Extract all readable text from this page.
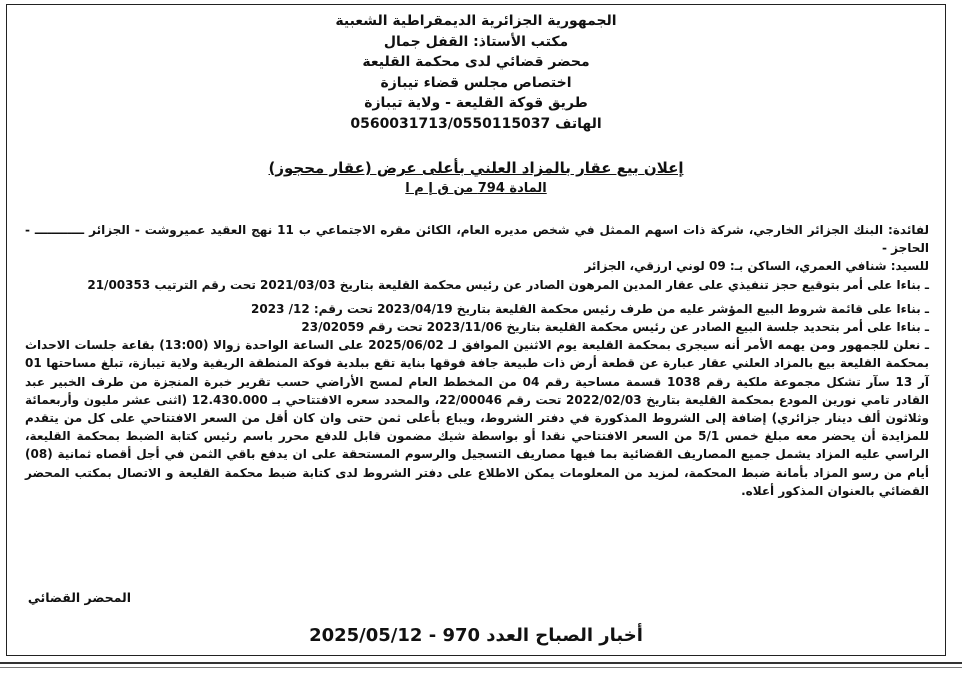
الجمهورية الجزائرية الديمقراطية الشعبية
مكتب الأستاذ: القفل جمال
محضر قضائي لدى محكمة القليعة
اختصاص مجلس قضاء تيبازة
طريق قوكة القليعة - ولاية تيبازة
الهاتف 0560031713/0550115037
إعلان بيع عقار بالمزاد العلني بأعلى عرض (عقار محجوز)
المادة 794 من ق إ م ا

لفائدة: البنك الجزائر الخارجي، شركة ذات اسهم الممثل في شخص مديره العام، الكائن مقره الاجتماعي ب 11 نهج العقيد عميروشت - الجزائر ــــــــــــ - الحاجز -

للسيد: شنافي العمري، الساكن بـ: 09 لوني ارزقي، الجزائر

ـ بناءا على أمر بتوقيع حجز تنفيذي على عقار المدين المرهون الصادر عن رئيس محكمة القليعة بتاريخ 2021/03/03 تحت رقم الترتيب 21/00353

ـ بناءا على قائمة شروط البيع المؤشر عليه من طرف رئيس محكمة القليعة بتاريخ 2023/04/19 تحت رقم: 12/ 2023

ـ بناءا على أمر بتحديد جلسة البيع الصادر عن رئيس محكمة القليعة بتاريخ 2023/11/06 تحت رقم 23/02059

ـ نعلن للجمهور ومن يهمه الأمر أنه سيجرى بمحكمة القليعة يوم الاثنين الموافق لـ 2025/06/02 على الساعة الواحدة زوالا (13:00) بقاعة جلسات الاحداث بمحكمة القليعة بيع بالمزاد العلني عقار عبارة عن قطعة أرض ذات طبيعة جافة فوقها بناية تقع ببلدية فوكة المنطقة الريفية ولاية تيبازة، تبلغ مساحتها 01 آر 13 سآر تشكل مجموعة ملكية رقم 1038 قسمة مساحية رقم 04 من المخطط العام لمسح الأراضي حسب تقرير خبرة المنجزة من طرف الخبير عبد القادر تامي نورين المودع بمحكمة القليعة بتاريخ 2022/02/03 تحت رقم 22/00046، والمحدد سعره الافتتاحي بـ 12.430.000 (اثنى عشر مليون وأربعمائة وثلاثون ألف دينار جزائري) إضافة إلى الشروط المذكورة في دفتر الشروط، ويباع بأعلى ثمن حتى وان كان أقل من السعر الافتتاحي على كل من يتقدم للمزايدة أن يحضر معه مبلغ خمس 5/1 من السعر الافتتاحي نقدا أو بواسطة شيك مضمون قابل للدفع محرر باسم رئيس كتابة الضبط بمحكمة القليعة، الراسي عليه المزاد يشمل جميع المصاريف القضائية بما فيها مصاريف التسجيل والرسوم المستحقة على ان يدفع باقي الثمن في أجل أقصاه ثمانية (08) أيام من رسو المزاد بأمانة ضبط المحكمة، لمزيد من المعلومات يمكن الاطلاع على دفتر الشروط لدى كتابة ضبط محكمة القليعة و الاتصال بمكتب المحضر القضائي بالعنوان المذكور أعلاه.

المحضر القضائي
أخبار الصباح العدد 970 - 2025/05/12
